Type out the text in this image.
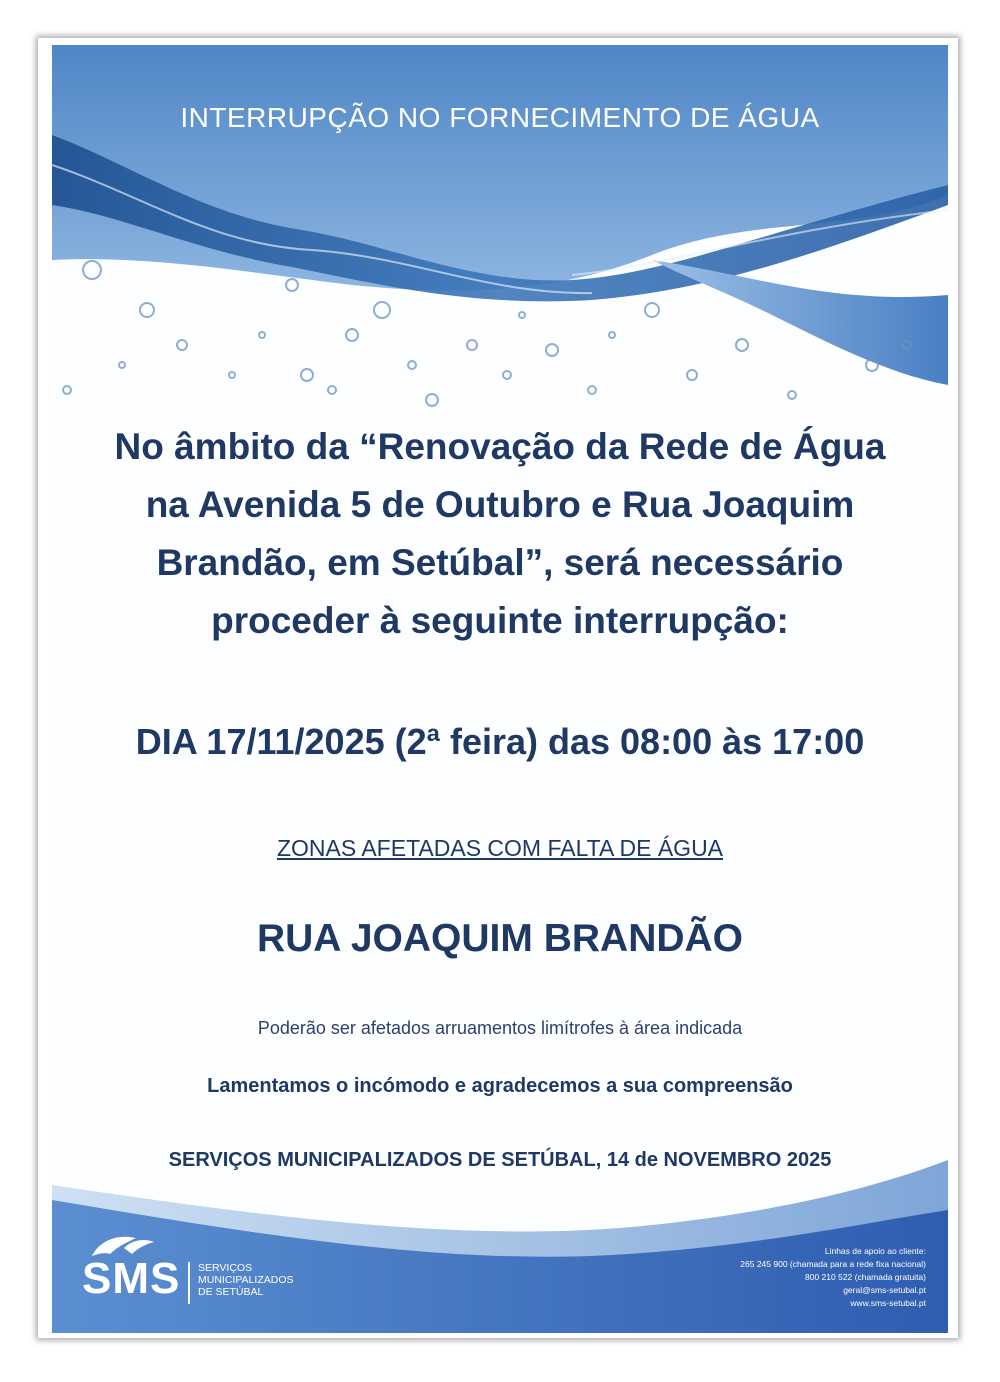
INTERRUPÇÃO NO FORNECIMENTO DE ÁGUA
No âmbito da “Renovação da Rede de Água
na Avenida 5 de Outubro e Rua Joaquim
Brandão, em Setúbal”, será necessário
proceder à seguinte interrupção:
DIA 17/11/2025 (2ª feira) das 08:00 às 17:00
ZONAS AFETADAS COM FALTA DE ÁGUA
RUA JOAQUIM BRANDÃO
Poderão ser afetados arruamentos limítrofes à área indicada
Lamentamos o incómodo e agradecemos a sua compreensão
SERVIÇOS MUNICIPALIZADOS DE SETÚBAL, 14 de NOVEMBRO 2025
SMS SERVIÇOS
MUNICIPALIZADOS
DE SETÚBAL
Linhas de apoio ao cliente:
265 245 900 (chamada para a rede fixa nacional)
800 210 522 (chamada gratuita)
geral@sms-setubal.pt
www.sms-setubal.pt
